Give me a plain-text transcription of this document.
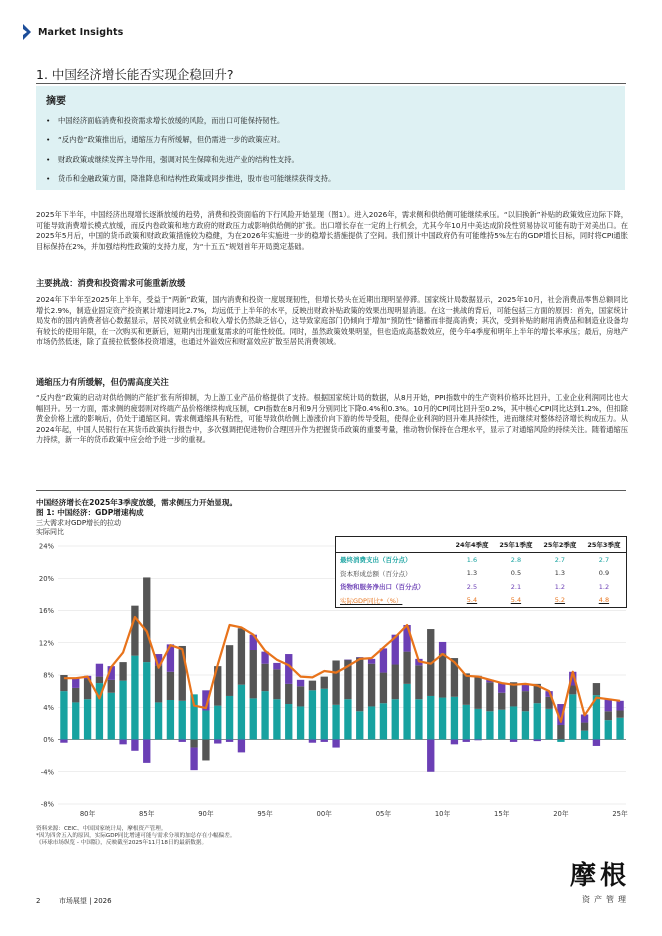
Market Insights
1. 中国经济增长能否实现企稳回升?
摘要
• 中国经济面临消费和投资需求增长放缓的风险，而出口可能保持韧性。
• “反内卷”政策推出后，通缩压力有所缓解，但仍需进一步的政策应对。
• 财政政策或继续发挥主导作用，强调对民生保障和先进产业的结构性支持。
• 货币和金融政策方面，降准降息和结构性政策或同步推进，股市也可能继续获得支持。
2025年下半年，中国经济出现增长逐渐放缓的趋势，消费和投资面临的下行风险开始显现（图1）。进入2026年，需求侧和供给侧可能继续承压。“以旧换新”补贴的政策效应边际下降，可能导致消费增长模式放缓，而反内卷政策和地方政府的财政压力或影响供给侧的扩张。出口增长存在一定的上行机会，尤其今年10月中美达成阶段性贸易协议可能有助于对美出口。在2025年5月后，中国的货币政策和财政政策措施较为稳健，为在2026年实施进一步的稳增长措施提供了空间。我们预计中国政府仍有可能维持5%左右的GDP增长目标，同时将CPI通胀目标保持在2%，并加强结构性政策的支持力度，为“十五五”规划首年开局奠定基础。
主要挑战：消费和投资需求可能重新放缓
2024年下半年至2025年上半年，受益于“两新”政策，国内消费和投资一度展现韧性，但增长势头在近期出现明显停滞。国家统计局数据显示，2025年10月，社会消费品零售总额同比增长2.9%，制造业固定资产投资累计增速同比2.7%，均远低于上半年的水平，反映出财政补贴政策的效果出现明显消退。在这一挑战的背后，可能包括三方面的原因：首先，国家统计局发布的国内消费者信心数据显示，居民对就业机会和收入增长仍然缺乏信心，这导致家庭部门仍倾向于增加“预防性”储蓄而非提高消费；其次，受到补贴的耐用消费品和制造业设备均有较长的使用年限，在一次购买和更新后，短期内出现重复需求的可能性较低。同时，虽然政策效果明显，但也造成高基数效应，使今年4季度和明年上半年的增长率承压；最后，房地产市场仍然低迷，除了直接拉低整体投资增速，也通过外溢效应和财富效应扩散至居民消费领域。
通缩压力有所缓解，但仍需高度关注
“反内卷”政策的启动对供给侧的产能扩张有所抑制，为上游工业产品价格提供了支持。根据国家统计局的数据，从8月开始，PPI指数中的生产资料价格环比回升，工业企业利润同比也大幅回升。另一方面，需求侧的疲弱则对终端产品价格继续构成压制，CPI指数在8月和9月分别同比下降0.4%和0.3%。10月的CPI同比回升至0.2%，其中核心CPI同比达到1.2%，但扣除黄金价格上涨的影响后，仍处于通缩区间。需求侧通缩具有粘性，可能导致供给侧上游涨价向下游的传导受阻，使得企业利润的回升难具持续性，进而继续对整体经济增长构成压力。从2024年起，中国人民银行在其货币政策执行报告中，多次强调把促进物价合理回升作为把握货币政策的重要考量，推动物价保持在合理水平，显示了对通缩风险的持续关注。随着通缩压力持续，新一年的货币政策中应会给予进一步的重视。
中国经济增长在2025年3季度放缓，需求侧压力开始显现。
图 1: 中国经济：GDP增速构成
三大需求对GDP增长的拉动
实际同比
24%
20%
16%
12%
8%
4%
0%
-4%
-8%
80年	85年	90年	95年	00年	05年	10年	15年	20年	25年
	24年4季度	25年1季度	25年2季度	25年3季度
最终消费支出（百分点）	1.6	2.8	2.7	2.7
资本形成总额（百分点）	1.3	0.5	1.3	0.9
货物和服务净出口（百分点）	2.5	2.1	1.2	1.2
实际GDP同比*（%）	5.4	5.4	5.2	4.8
资料来源：CEIC、中国国家统计局，摩根资产管理。
*因为四舍五入的原因，实际GDP同比增速可能与需求分项的加总存在小幅偏差。
《环球市场纵览 - 中国版》，反映截至2025年11月18日的最新数据。
2	市场展望 | 2026
摩根
资产管理
